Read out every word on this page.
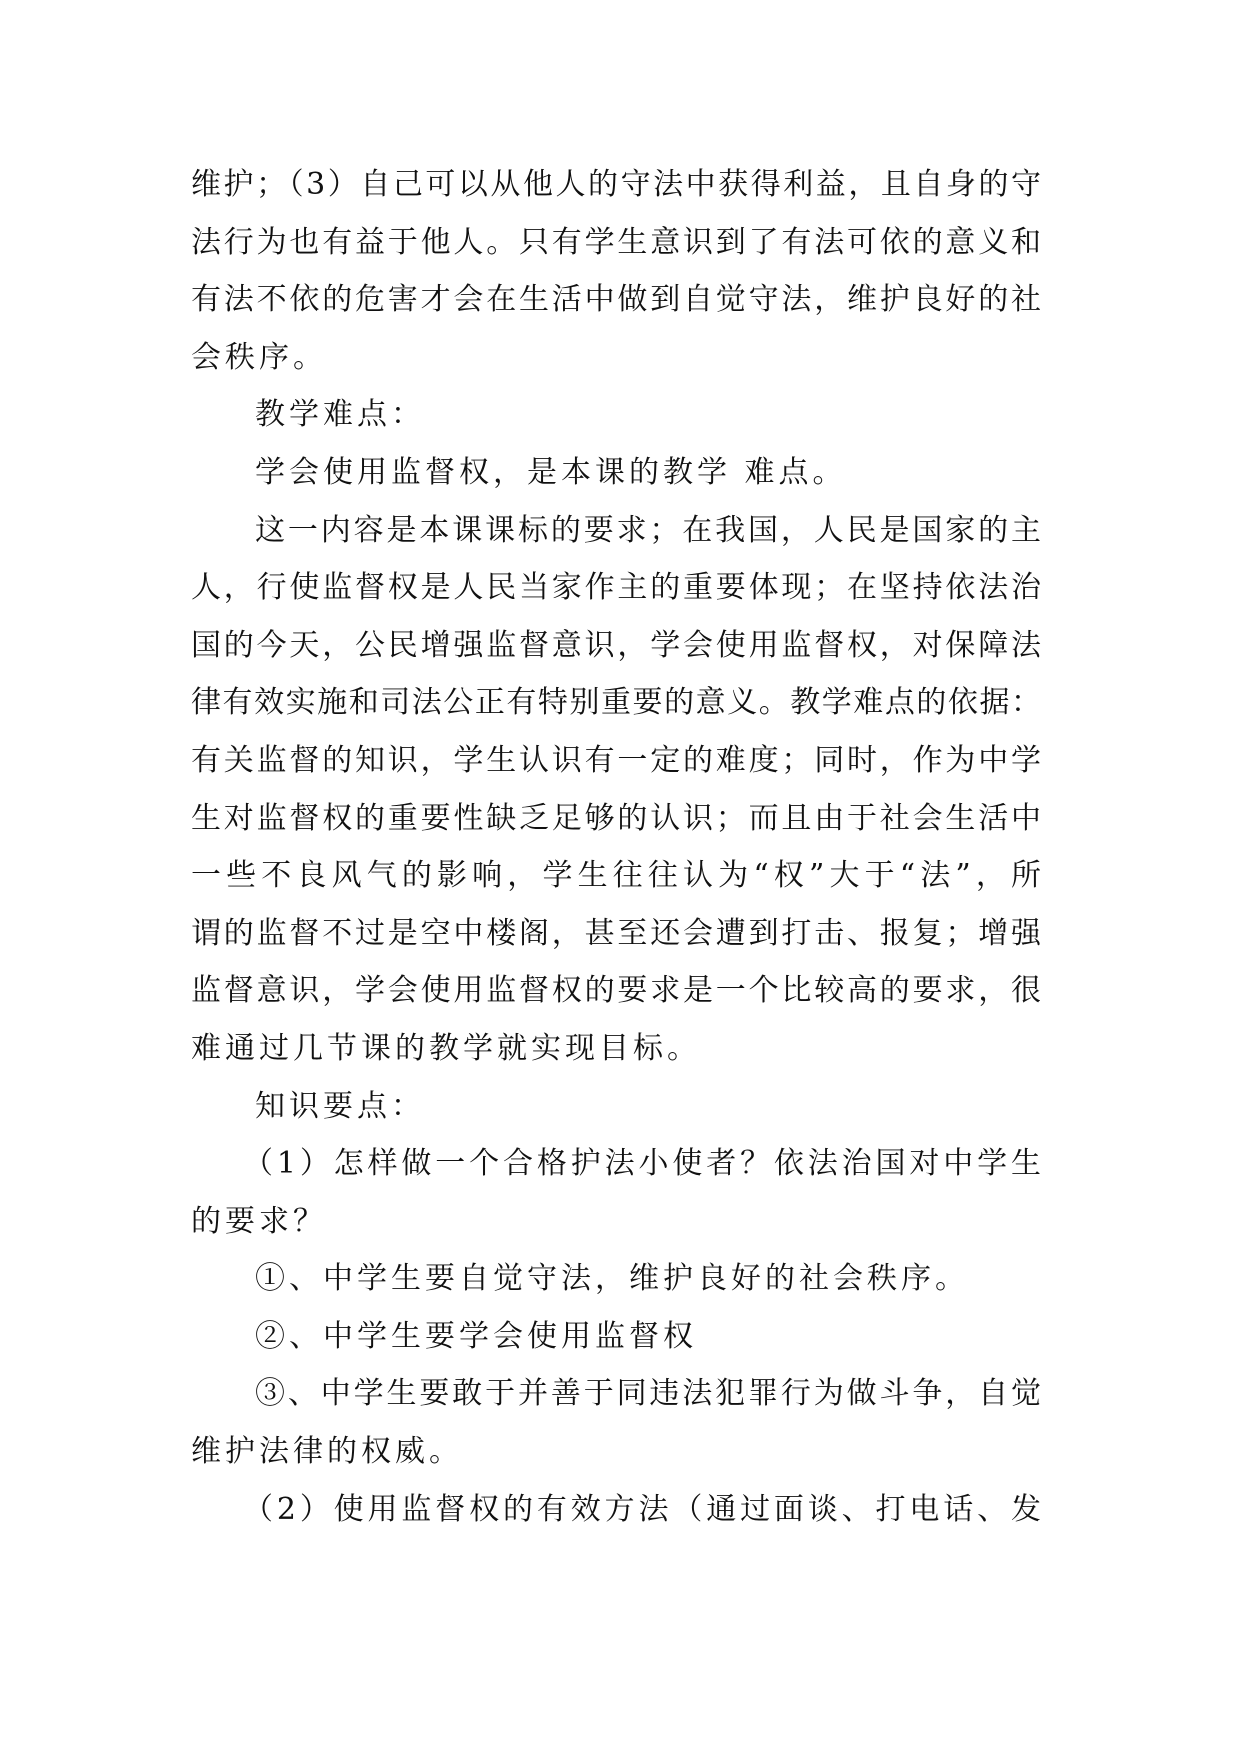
维护；（3）自己可以从他人的守法中获得利益，且自身的守
法行为也有益于他人。只有学生意识到了有法可依的意义和
有法不依的危害才会在生活中做到自觉守法，维护良好的社
会秩序。
教学难点：
学会使用监督权，是本课的教学 难点。
这一内容是本课课标的要求；在我国，人民是国家的主
人，行使监督权是人民当家作主的重要体现；在坚持依法治
国的今天，公民增强监督意识，学会使用监督权，对保障法
律有效实施和司法公正有特别重要的意义。教学难点的依据：
有关监督的知识，学生认识有一定的难度；同时，作为中学
生对监督权的重要性缺乏足够的认识；而且由于社会生活中
一些不良风气的影响，学生往往认为“权”大于“法”，所
谓的监督不过是空中楼阁，甚至还会遭到打击、报复；增强
监督意识，学会使用监督权的要求是一个比较高的要求，很
难通过几节课的教学就实现目标。
知识要点：
（1）怎样做一个合格护法小使者？依法治国对中学生
的要求？
①、中学生要自觉守法，维护良好的社会秩序。
②、中学生要学会使用监督权
③、中学生要敢于并善于同违法犯罪行为做斗争，自觉
维护法律的权威。
（2）使用监督权的有效方法（通过面谈、打电话、发
